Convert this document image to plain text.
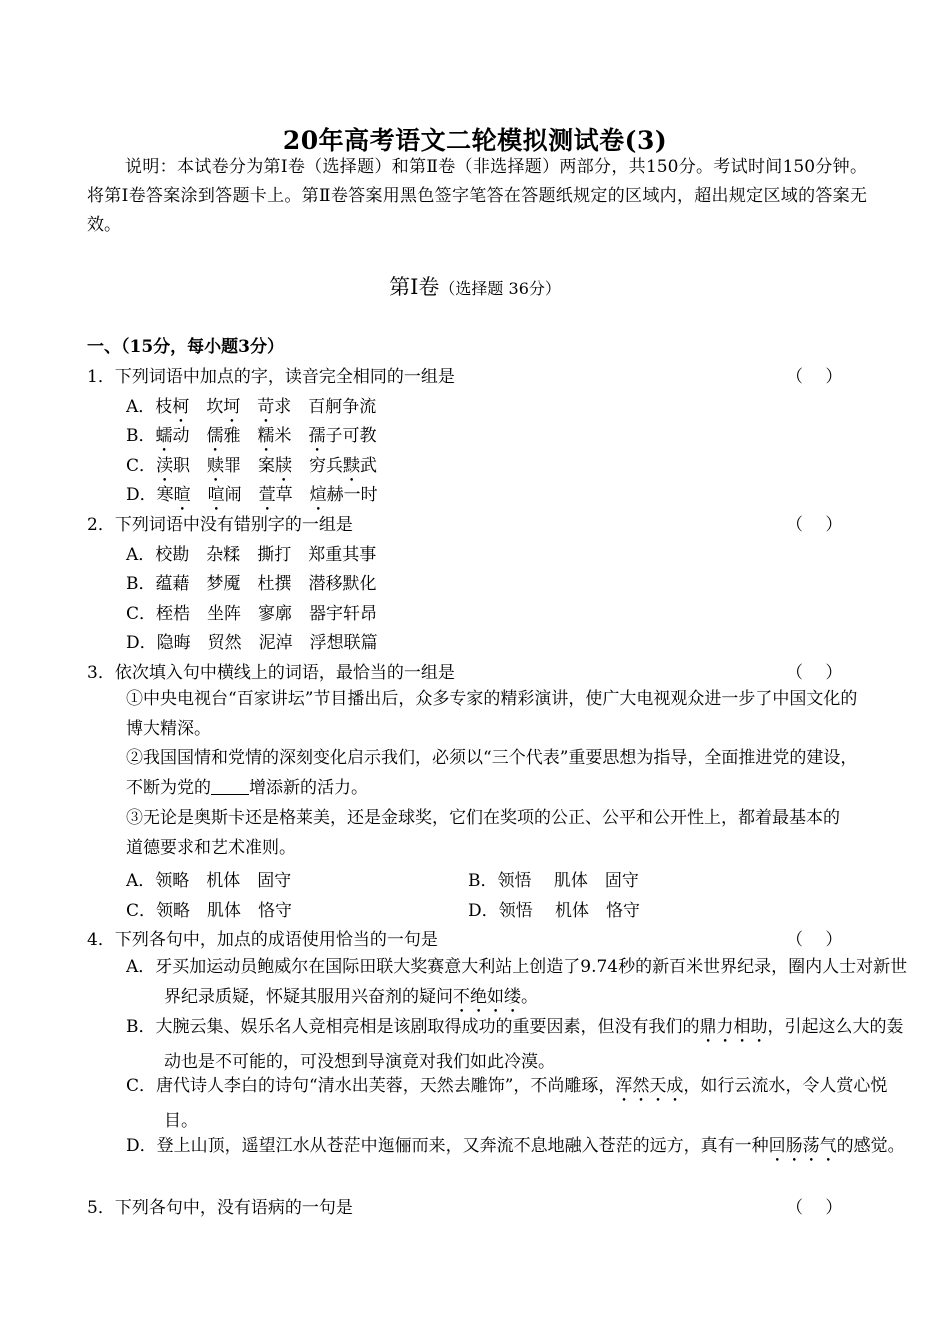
20年高考语文二轮模拟测试卷(3)
说明：本试卷分为第Ⅰ卷（选择题）和第Ⅱ卷（非选择题）两部分，共150分。考试时间150分钟。将第Ⅰ卷答案涂到答题卡上。第Ⅱ卷答案用黑色签字笔答在答题纸规定的区域内，超出规定区域的答案无效。
第Ⅰ卷（选择题 36分）
一、（15分，每小题3分）
1．下列词语中加点的字，读音完全相同的一组是	（　 ）
A．枝柯　坎坷　 苛求　百舸争流
B．蠕动　儒雅　糯米　孺子可教
C．渎职　赎罪　案牍　穷兵黩武
D．寒暄　 喧闹　萱草　煊赫一时
2．下列词语中没有错别字的一组是	（　 ）
A．校勘　杂糅　撕打　郑重其事
B．蕴藉　梦魇　杜撰　潜移默化
C．桎梏　坐阵　寥廓　器宇轩昂
D．隐晦　贸然　泥淖　浮想联篇
3．依次填入句中横线上的词语，最恰当的一组是	（　 ）
①中央电视台“百家讲坛”节目播出后，众多专家的精彩演讲，使广大电视观众进一步了中国文化的博大精深。
②我国国情和党情的深刻变化启示我们，必须以“三个代表”重要思想为指导，全面推进党的建设，不断为党的 增添新的活力。
③无论是奥斯卡还是格莱美，还是金球奖，它们在奖项的公正、公平和公开性上，都着最基本的道德要求和艺术准则。
A．领略　机体　固守	B．领悟　 肌体　固守
C．领略　肌体　恪守	D．领悟　 机体　恪守
4．下列各句中，加点的成语使用恰当的一句是	（　 ）
A．牙买加运动员鲍威尔在国际田联大奖赛意大利站上创造了9.74秒的新百米世界纪录，圈内人士对新世界纪录质疑，怀疑其服用兴奋剂的疑问不绝如缕。
B．大腕云集、娱乐名人竞相亮相是该剧取得成功的重要因素，但没有我们的鼎力相助，引起这么大的轰动也是不可能的，可没想到导演竟对我们如此冷漠。
C．唐代诗人李白的诗句“清水出芙蓉，天然去雕饰”，不尚雕琢，浑然天成，如行云流水，令人赏心悦目。
D．登上山顶，遥望江水从苍茫中迤俪而来，又奔流不息地融入苍茫的远方，真有一种回肠荡气的感觉。
5．下列各句中，没有语病的一句是	（　 ）
